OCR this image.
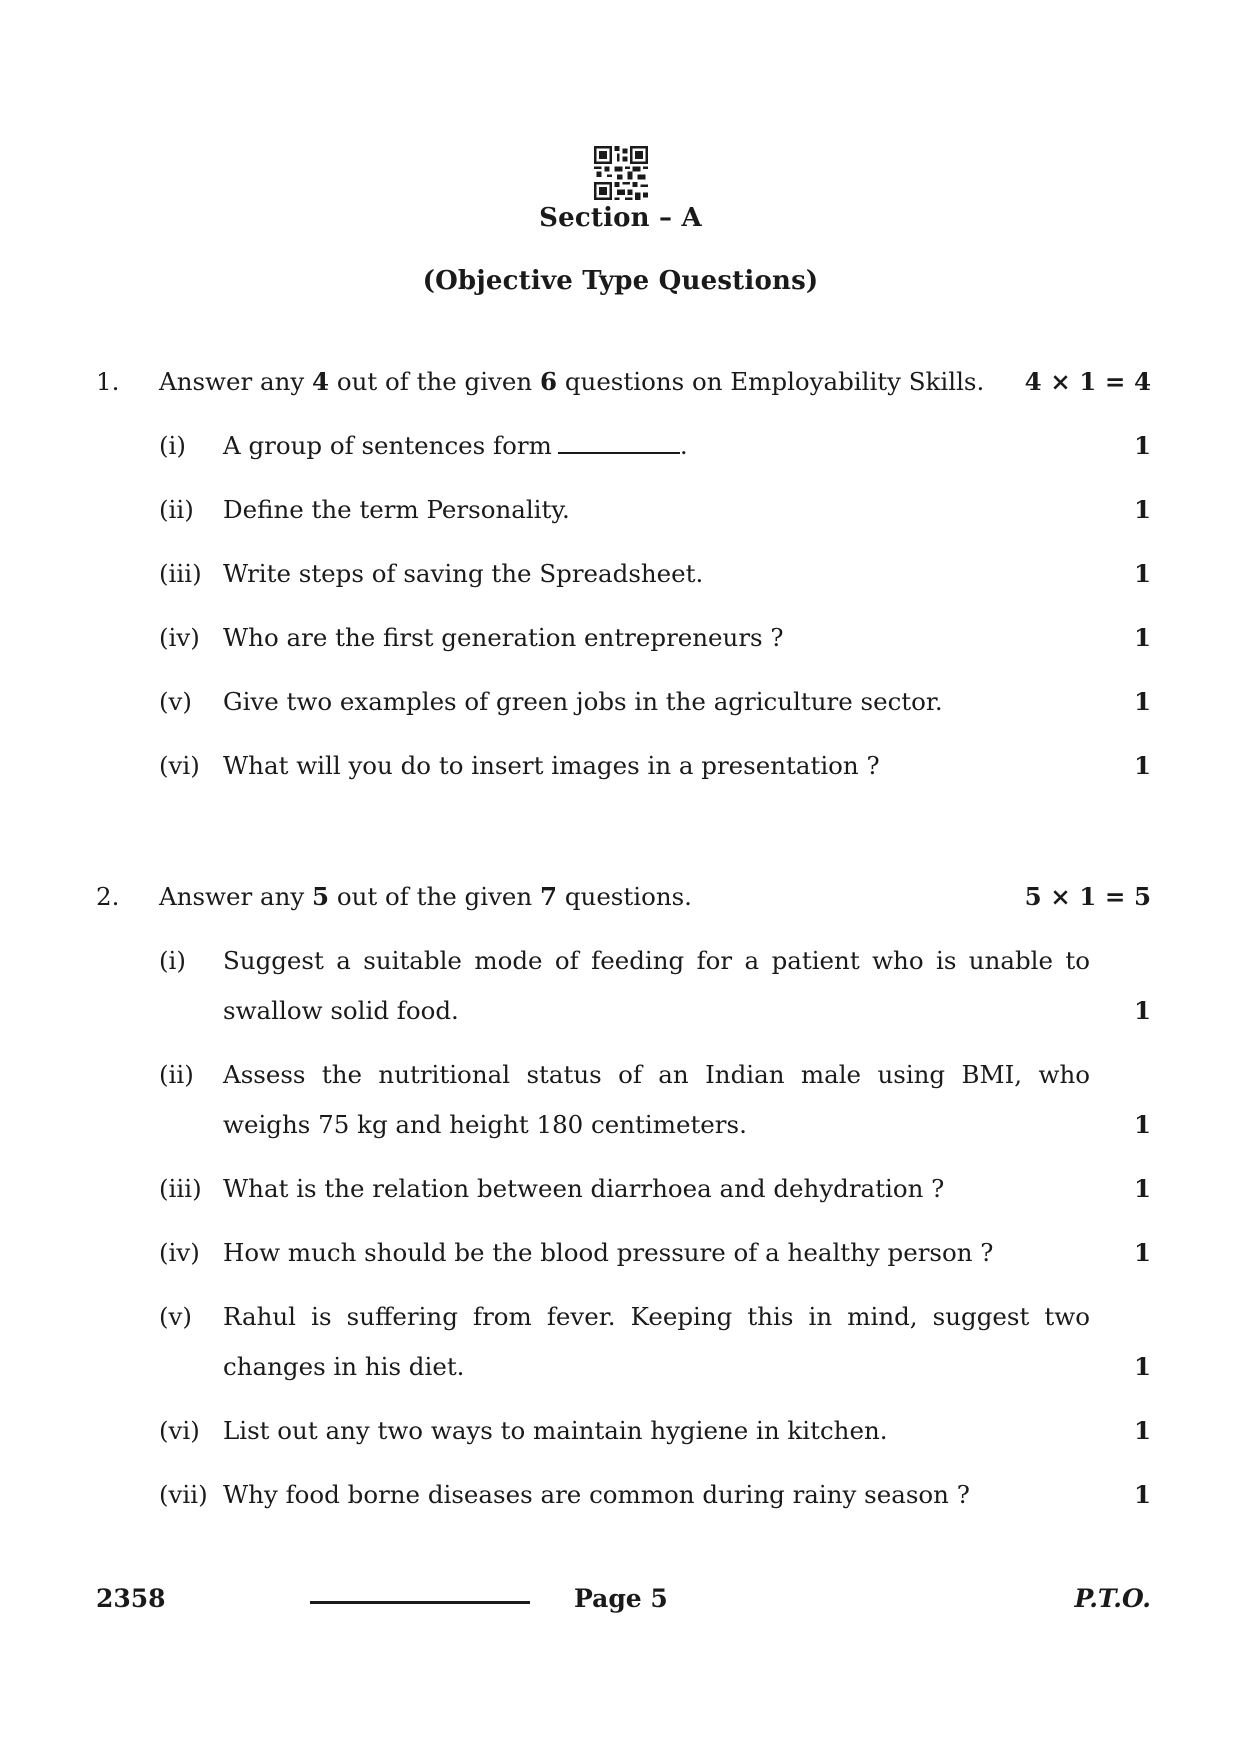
Section – A
(Objective Type Questions)
1. Answer any 4 out of the given 6 questions on Employability Skills. 4 × 1 = 4
(i) A group of sentences form	.	1
(ii) Define the term Personality.	1
(iii) Write steps of saving the Spreadsheet.	1
(iv) Who are the first generation entrepreneurs ?	1
(v) Give two examples of green jobs in the agriculture sector.	1
(vi) What will you do to insert images in a presentation ?	1
2. Answer any 5 out of the given 7 questions.	5 × 1 = 5
(i) Suggest a suitable mode of feeding for a patient who is unable to
swallow solid food.	1
(ii) Assess the nutritional status of an Indian male using BMI, who
weighs 75 kg and height 180 centimeters.	1
(iii) What is the relation between diarrhoea and dehydration ?	1
(iv) How much should be the blood pressure of a healthy person ?	1
(v) Rahul is suffering from fever. Keeping this in mind, suggest two
changes in his diet.	1
(vi) List out any two ways to maintain hygiene in kitchen.	1
(vii) Why food borne diseases are common during rainy season ?	1
2358	Page 5	P.T.O.
